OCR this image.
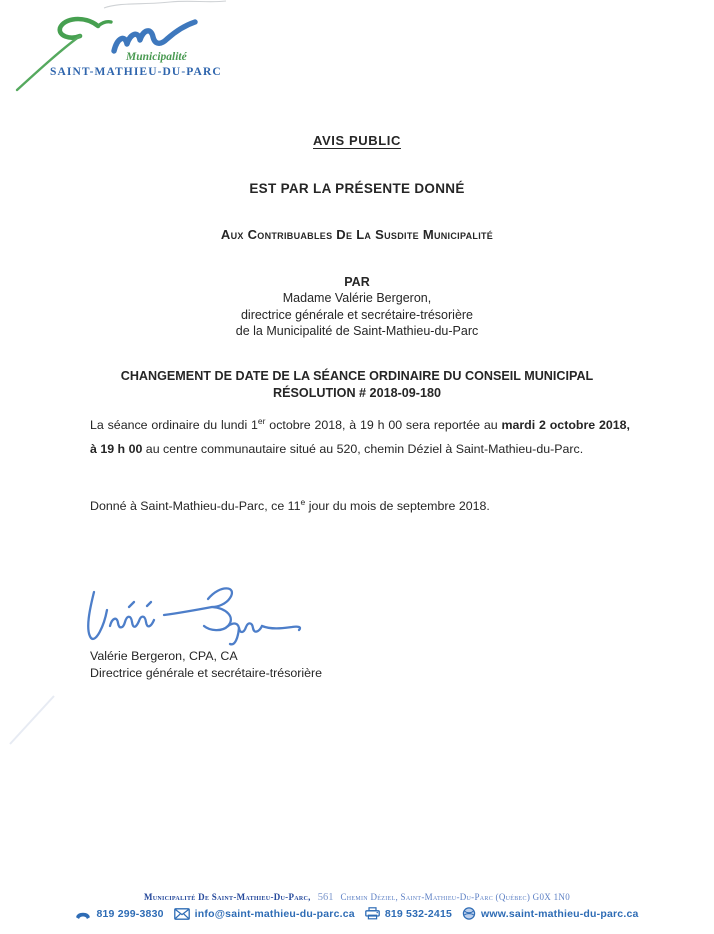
Municipalité
SAINT-MATHIEU-DU-PARC
AVIS PUBLIC
EST PAR LA PRÉSENTE DONNÉ
Aux Contribuables De La Susdite Municipalité
PAR
Madame Valérie Bergeron,
directrice générale et secrétaire-trésorière
de la Municipalité de Saint-Mathieu-du-Parc
CHANGEMENT DE DATE DE LA SÉANCE ORDINAIRE DU CONSEIL MUNICIPAL
RÉSOLUTION # 2018-09-180

La séance ordinaire du lundi 1er octobre 2018, à 19 h 00 sera reportée au mardi 2 octobre 2018, à 19 h 00 au centre communautaire situé au 520, chemin Déziel à Saint-Mathieu-du-Parc.

Donné à Saint-Mathieu-du-Parc, ce 11e jour du mois de septembre 2018.

Valérie Bergeron, CPA, CA
Directrice générale et secrétaire-trésorière
Municipalité De Saint-Mathieu-Du-Parc, 561 Chemin Déziel, Saint-Mathieu-Du-Parc (Québec) G0X 1N0
819 299-3830	info@saint-mathieu-du-parc.ca	819 532-2415	www.saint-mathieu-du-parc.ca
